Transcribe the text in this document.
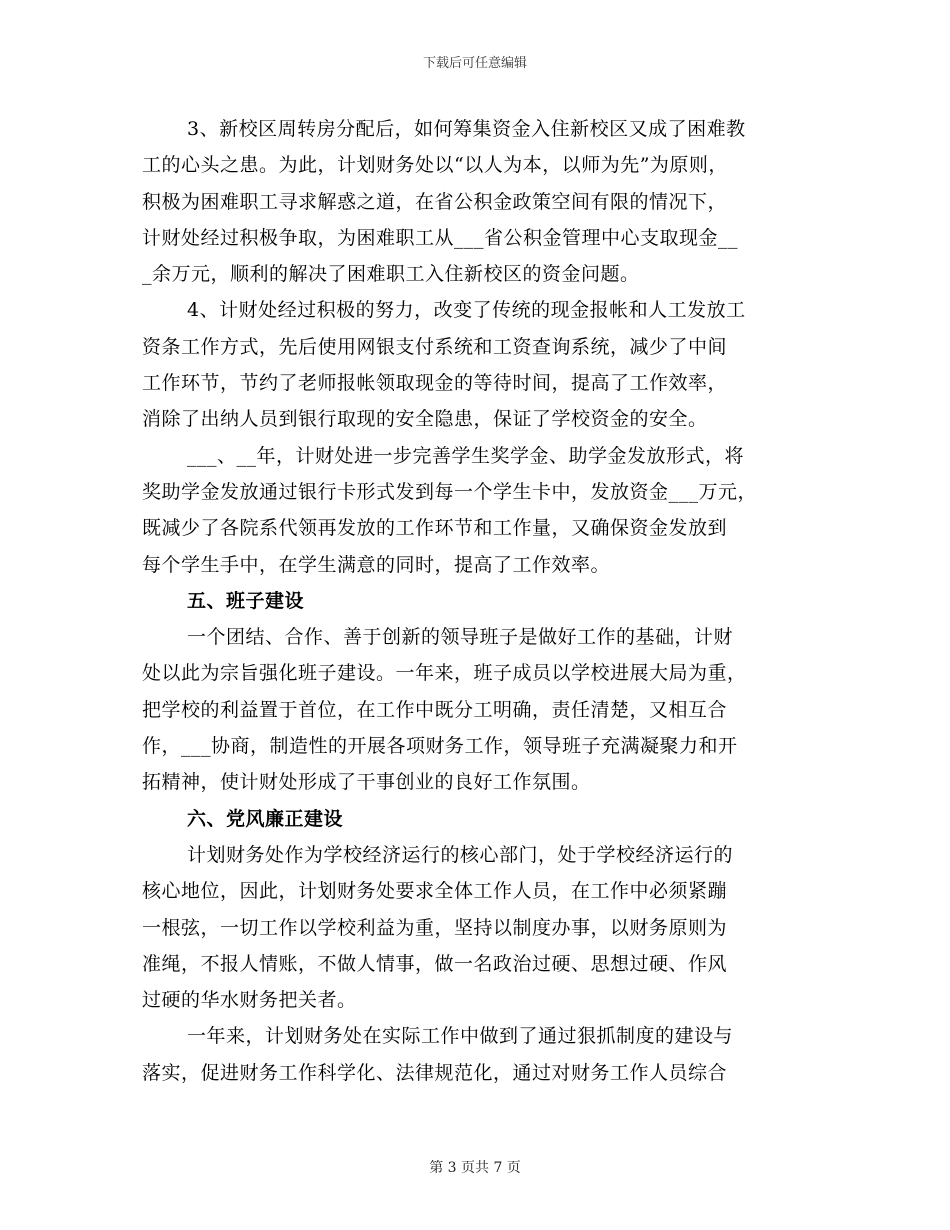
下载后可任意编辑
3、新校区周转房分配后，如何筹集资金入住新校区又成了困难教
工的心头之患。为此，计划财务处以“以人为本，以师为先”为原则，
积极为困难职工寻求解惑之道，在省公积金政策空间有限的情况下，
计财处经过积极争取，为困难职工从___省公积金管理中心支取现金__
_余万元，顺利的解决了困难职工入住新校区的资金问题。
4、计财处经过积极的努力，改变了传统的现金报帐和人工发放工
资条工作方式，先后使用网银支付系统和工资查询系统，减少了中间
工作环节，节约了老师报帐领取现金的等待时间，提高了工作效率，
消除了出纳人员到银行取现的安全隐患，保证了学校资金的安全。
___、__年，计财处进一步完善学生奖学金、助学金发放形式，将
奖助学金发放通过银行卡形式发到每一个学生卡中，发放资金___万元，
既减少了各院系代领再发放的工作环节和工作量，又确保资金发放到
每个学生手中，在学生满意的同时，提高了工作效率。
五、班子建设
一个团结、合作、善于创新的领导班子是做好工作的基础，计财
处以此为宗旨强化班子建设。一年来，班子成员以学校进展大局为重，
把学校的利益置于首位，在工作中既分工明确，责任清楚，又相互合
作，___协商，制造性的开展各项财务工作，领导班子充满凝聚力和开
拓精神，使计财处形成了干事创业的良好工作氛围。
六、党风廉正建设
计划财务处作为学校经济运行的核心部门，处于学校经济运行的
核心地位，因此，计划财务处要求全体工作人员，在工作中必须紧蹦
一根弦，一切工作以学校利益为重，坚持以制度办事，以财务原则为
准绳，不报人情账，不做人情事，做一名政治过硬、思想过硬、作风
过硬的华水财务把关者。
一年来，计划财务处在实际工作中做到了通过狠抓制度的建设与
落实，促进财务工作科学化、法律规范化，通过对财务工作人员综合
第 3 页共 7 页
